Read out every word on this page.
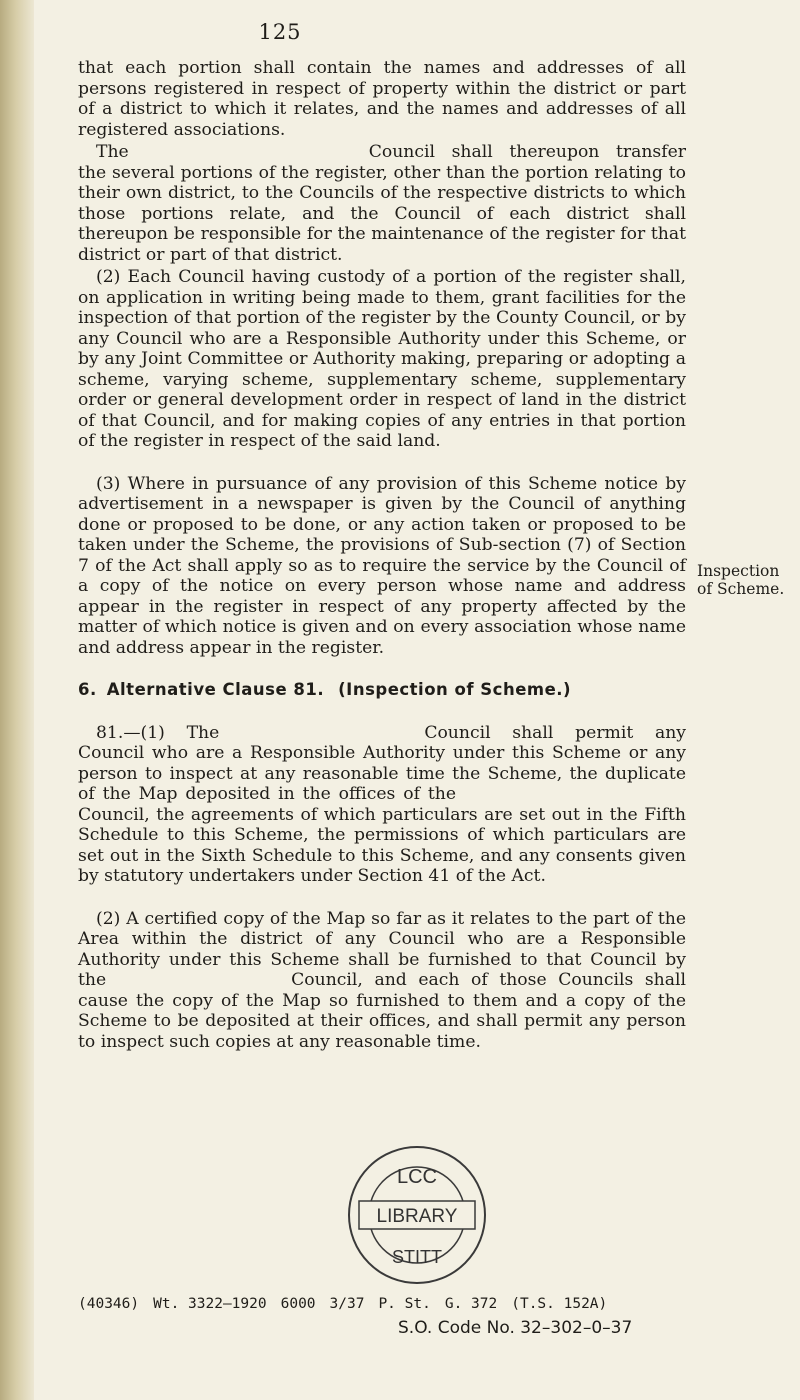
125

that each portion shall contain the names and addresses of all persons registered in respect of property within the district or part of a district to which it relates, and the names and addresses of all registered associations.

The	Council shall thereupon transfer the several portions of the register, other than the portion relating to their own district, to the Councils of the respective districts to which those portions relate, and the Council of each district shall thereupon be responsible for the maintenance of the register for that district or part of that district.

(2) Each Council having custody of a portion of the register shall, on application in writing being made to them, grant facilities for the inspection of that portion of the register by the County Council, or by any Council who are a Responsible Authority under this Scheme, or by any Joint Committee or Authority making, preparing or adopting a scheme, varying scheme, supplementary scheme, supplementary order or general development order in respect of land in the district of that Council, and for making copies of any entries in that portion of the register in respect of the said land.

(3) Where in pursuance of any provision of this Scheme notice by advertisement in a newspaper is given by the Council of anything done or proposed to be done, or any action taken or proposed to be taken under the Scheme, the provisions of Sub-section (7) of Section 7 of the Act shall apply so as to require the service by the Council of a copy of the notice on every person whose name and address appear in the register in respect of any property affected by the matter of which notice is given and on every association whose name and address appear in the register.

6. Alternative Clause 81. (Inspection of Scheme.)

81.—(1) The	Council shall permit any Council who are a Responsible Authority under this Scheme or any person to inspect at any reasonable time the Scheme, the duplicate of the Map deposited in the offices of theCouncil, the agreements of which particulars are set out in the Fifth Schedule to this Scheme, the permissions of which particulars are set out in the Sixth Schedule to this Scheme, and any consents given by statutory undertakers under Section 41 of the Act.

(2) A certified copy of the Map so far as it relates to the part of the Area within the district of any Council who are a Responsible Authority under this Scheme shall be furnished to that Council by the	Council, and each of those Councils shall cause the copy of the Map so furnished to them and a copy of the Scheme to be deposited at their offices, and shall permit any person to inspect such copies at any reasonable time.

Inspection
of Scheme.
LIBRARY
LCC
STITT
(40346) Wt. 3322—1920 6000 3/37 P. St. G. 372 (T.S. 152A)
S.O. Code No. 32–302–0–37
